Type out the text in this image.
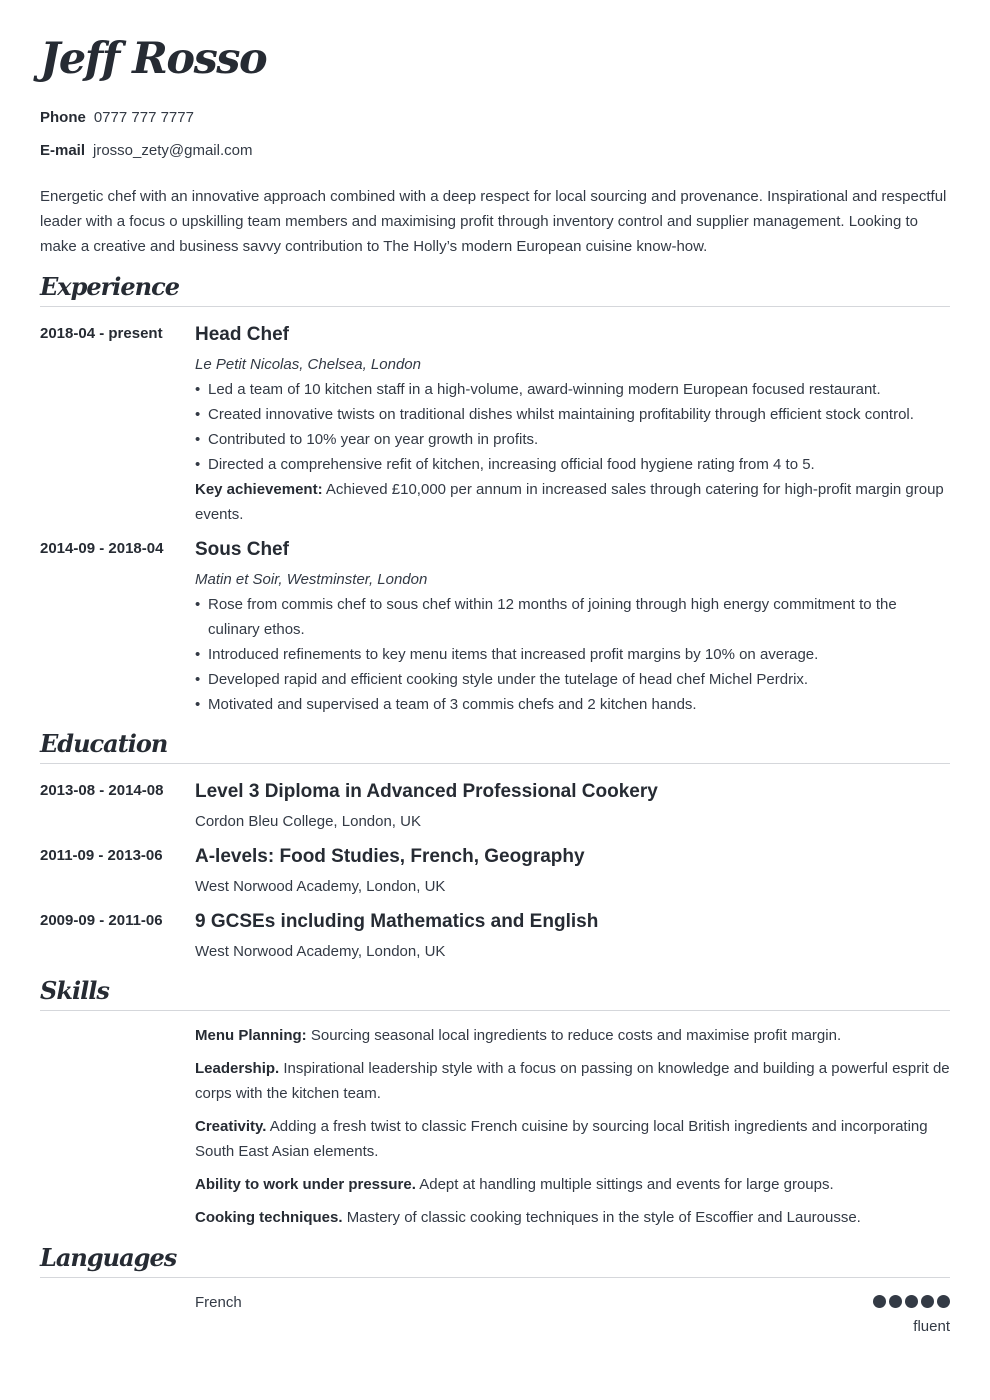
Jeff Rosso
Phone 0777 777 7777
E-mail jrosso_zety@gmail.com

Energetic chef with an innovative approach combined with a deep respect for local sourcing and provenance. Inspirational and respectful leader with a focus o upskilling team members and maximising profit through inventory control and supplier management. Looking to make a creative and business savvy contribution to The Holly’s modern European cuisine know-how.

Experience
2018-04 - present Head Chef

Le Petit Nicolas, Chelsea, London

• Led a team of 10 kitchen staff in a high-volume, award-winning modern European focused restaurant.
• Created innovative twists on traditional dishes whilst maintaining profitability through efficient stock control.
• Contributed to 10% year on year growth in profits.
• Directed a comprehensive refit of kitchen, increasing official food hygiene rating from 4 to 5.

Key achievement: Achieved £10,000 per annum in increased sales through catering for high-profit margin group events.

2014-09 - 2018-04 Sous Chef

Matin et Soir, Westminster, London

• Rose from commis chef to sous chef within 12 months of joining through high energy commitment to the culinary ethos.
• Introduced refinements to key menu items that increased profit margins by 10% on average.
• Developed rapid and efficient cooking style under the tutelage of head chef Michel Perdrix.
• Motivated and supervised a team of 3 commis chefs and 2 kitchen hands.
Education
2013-08 - 2014-08 Level 3 Diploma in Advanced Professional Cookery

Cordon Bleu College, London, UK

2011-09 - 2013-06 A-levels: Food Studies, French, Geography

West Norwood Academy, London, UK

2009-09 - 2011-06 9 GCSEs including Mathematics and English

West Norwood Academy, London, UK

Skills

Menu Planning: Sourcing seasonal local ingredients to reduce costs and maximise profit margin.

Leadership. Inspirational leadership style with a focus on passing on knowledge and building a powerful esprit de corps with the kitchen team.

Creativity. Adding a fresh twist to classic French cuisine by sourcing local British ingredients and incorporating South East Asian elements.

Ability to work under pressure. Adept at handling multiple sittings and events for large groups.

Cooking techniques. Mastery of classic cooking techniques in the style of Escoffier and Laurousse.

Languages
French
fluent
